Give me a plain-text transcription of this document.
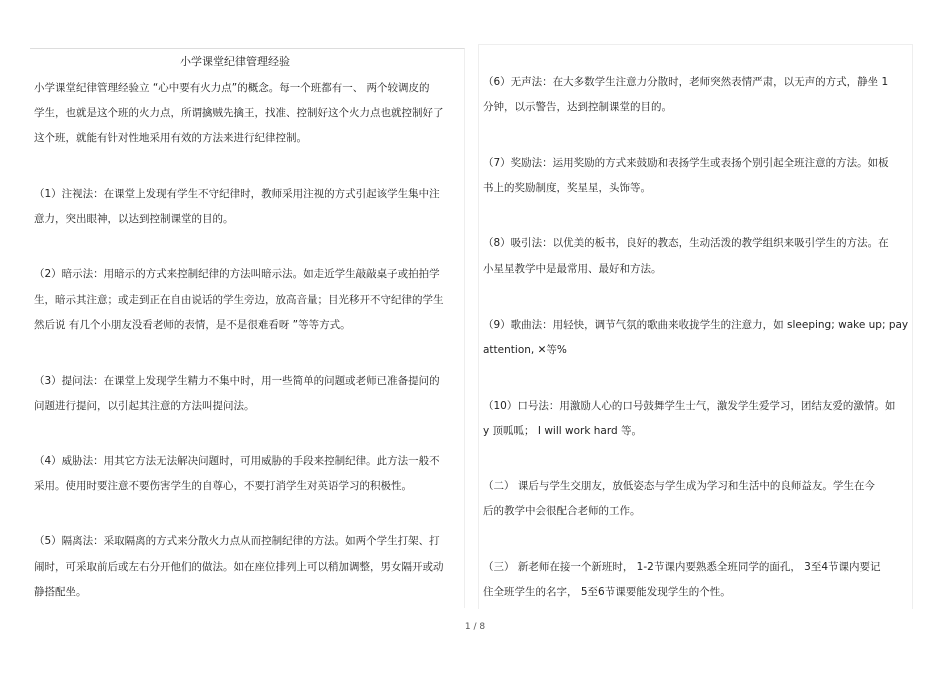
小学课堂纪律管理经验
小学课堂纪律管理经验立 “心中要有火力点”的概念。每一个班都有一、 两个较调皮的
学生，也就是这个班的火力点，所谓擒贼先擒王，找准、控制好这个火力点也就控制好了
这个班，就能有针对性地采用有效的方法来进行纪律控制。
（1）注视法：在课堂上发现有学生不守纪律时，教师采用注视的方式引起该学生集中注
意力，突出眼神，以达到控制课堂的目的。
（2）暗示法：用暗示的方式来控制纪律的方法叫暗示法。如走近学生敲敲桌子或拍拍学
生，暗示其注意；或走到正在自由说话的学生旁边，放高音量；目光移开不守纪律的学生
然后说 有几个小朋友没看老师的表情，是不是很难看呀 ”等等方式。
（3）提问法：在课堂上发现学生精力不集中时，用一些简单的问题或老师已准备提问的
问题进行提问，以引起其注意的方法叫提问法。
（4）威胁法：用其它方法无法解决问题时，可用威胁的手段来控制纪律。此方法一般不
采用。使用时要注意不要伤害学生的自尊心，不要打消学生对英语学习的积极性。
（5）隔离法：采取隔离的方式来分散火力点从而控制纪律的方法。如两个学生打架、打
闹时，可采取前后或左右分开他们的做法。如在座位排列上可以稍加调整，男女隔开或动
静搭配坐。
（6）无声法：在大多数学生注意力分散时，老师突然表情严肃，以无声的方式，静坐 1
分钟，以示警告，达到控制课堂的目的。
（7）奖励法：运用奖励的方式来鼓励和表扬学生或表扬个别引起全班注意的方法。如板
书上的奖励制度，奖星星，头饰等。
（8）吸引法：以优美的板书，良好的教态，生动活泼的教学组织来吸引学生的方法。在
小星星教学中是最常用、最好和方法。
（9）歌曲法：用轻快，调节气氛的歌曲来收拢学生的注意力，如 sleeping; wake up; pay
attention, ✕等%
（10）口号法：用激励人心的口号鼓舞学生士气，激发学生爱学习，团结友爱的激情。如
y 顶呱呱； I will work hard 等。
（二） 课后与学生交朋友，放低姿态与学生成为学习和生活中的良师益友。学生在今
后的教学中会很配合老师的工作。
（三） 新老师在接一个新班时， 1-2节课内要熟悉全班同学的面孔， 3至4节课内要记
住全班学生的名字， 5至6节课要能发现学生的个性。
1 / 8
